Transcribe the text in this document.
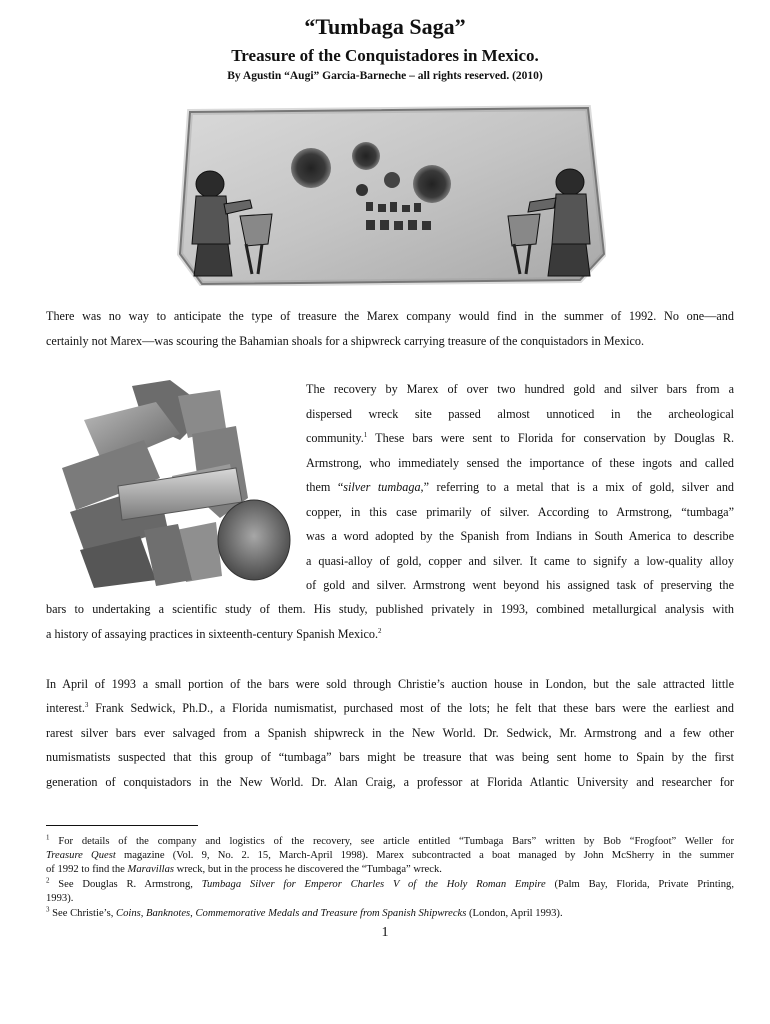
“Tumbaga Saga”
Treasure of the Conquistadores in Mexico.
By Agustin “Augi” Garcia-Barneche – all rights reserved. (2010)
There was no way to anticipate the type of treasure the Marex company would find in the summer of 1992. No one—and
certainly not Marex—was scouring the Bahamian shoals for a shipwreck carrying treasure of the conquistadors in Mexico.
The recovery by Marex of over two hundred gold and silver bars from a
dispersed wreck site passed almost unnoticed in the archeological
community.$^1$ These bars were sent to Florida for conservation by Douglas R.
Armstrong, who immediately sensed the importance of these ingots and called
them “silver tumbaga,” referring to a metal that is a mix of gold, silver and
copper, in this case primarily of silver. According to Armstrong, “tumbaga”
was a word adopted by the Spanish from Indians in South America to describe
a quasi-alloy of gold, copper and silver. It came to signify a low-quality alloy
of gold and silver. Armstrong went beyond his assigned task of preserving the
bars to undertaking a scientific study of them. His study, published privately in 1993, combined metallurgical analysis with
a history of assaying practices in sixteenth-century Spanish Mexico.$^2$
In April of 1993 a small portion of the bars were sold through Christie’s auction house in London, but the sale attracted little
interest.$^3$ Frank Sedwick, Ph.D., a Florida numismatist, purchased most of the lots; he felt that these bars were the earliest and
rarest silver bars ever salvaged from a Spanish shipwreck in the New World. Dr. Sedwick, Mr. Armstrong and a few other
numismatists suspected that this group of “tumbaga” bars might be treasure that was being sent home to Spain by the first
generation of conquistadors in the New World. Dr. Alan Craig, a professor at Florida Atlantic University and researcher for
$^1$ For details of the company and logistics of the recovery, see article entitled “Tumbaga Bars” written by Bob “Frogfoot” Weller for
Treasure Quest magazine (Vol. 9, No. 2. 15, March-April 1998). Marex subcontracted a boat managed by John McSherry in the summer
of 1992 to find the Maravillas wreck, but in the process he discovered the “Tumbaga” wreck.
$^2$ See Douglas R. Armstrong, Tumbaga Silver for Emperor Charles V of the Holy Roman Empire (Palm Bay, Florida, Private Printing,
1993).
$^3$ See Christie’s, Coins, Banknotes, Commemorative Medals and Treasure from Spanish Shipwrecks (London, April 1993).
1
